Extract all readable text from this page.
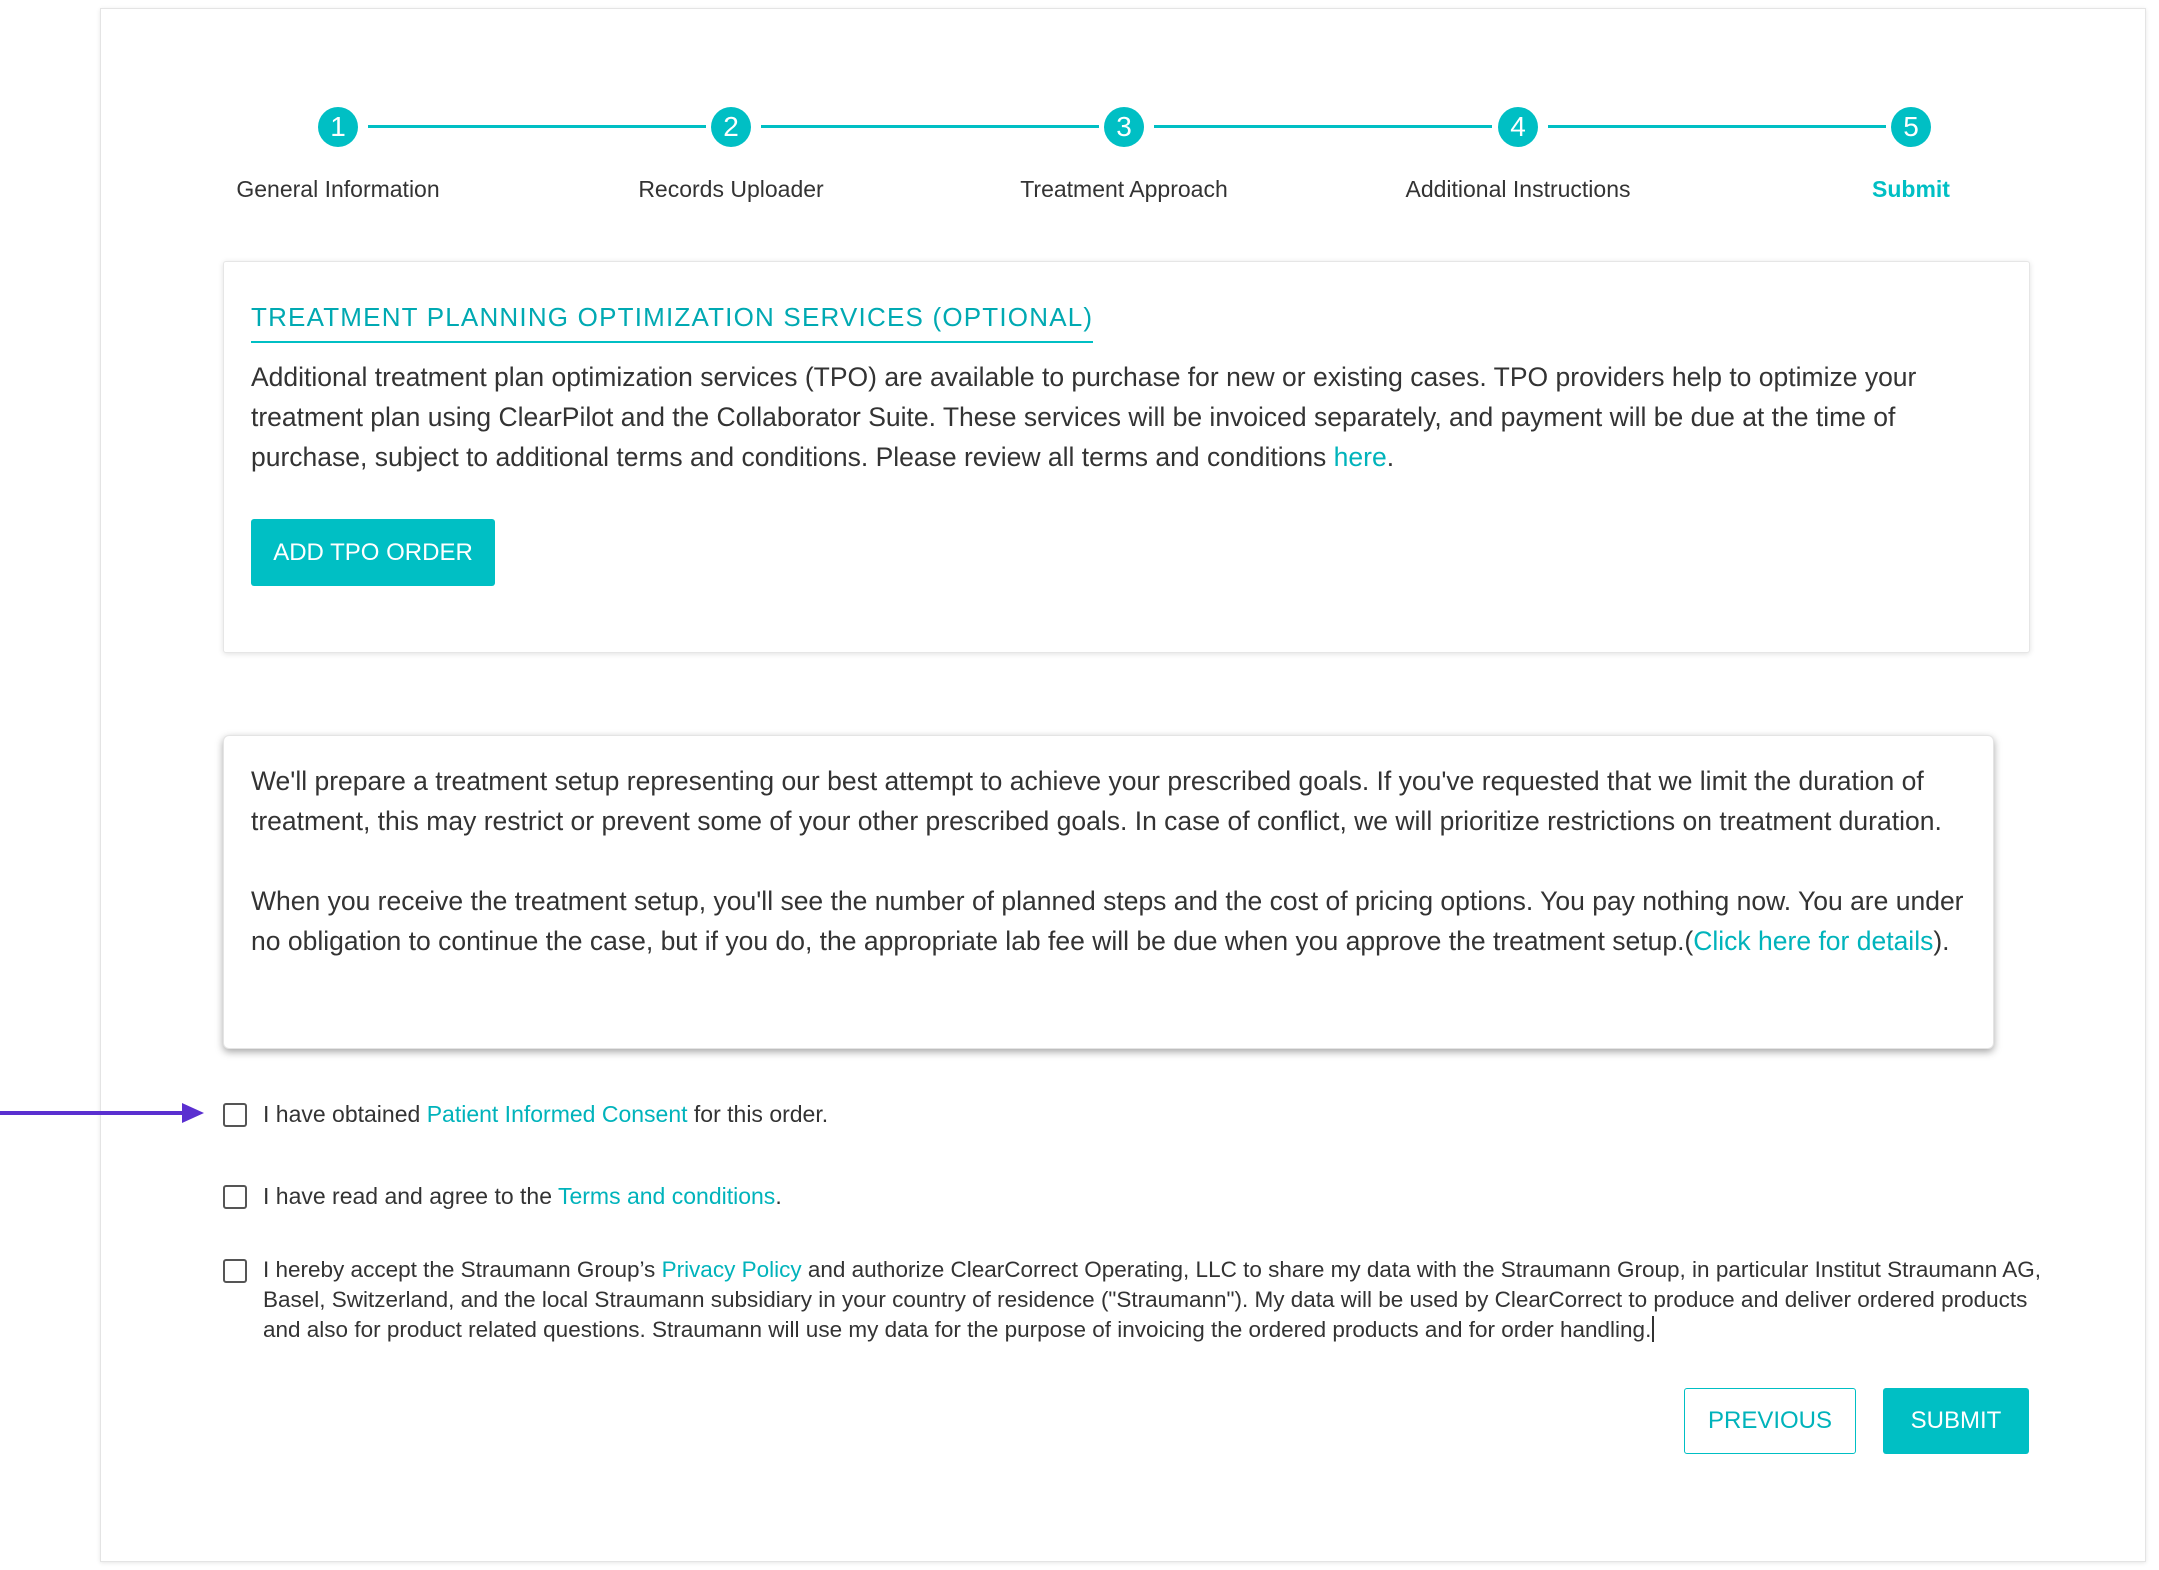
1	2	3	4	5
General Information	Records Uploader	Treatment Approach	Additional Instructions	Submit
TREATMENT PLANNING OPTIMIZATION SERVICES (OPTIONAL)
Additional treatment plan optimization services (TPO) are available to purchase for new or existing cases. TPO providers help to optimize your treatment plan using ClearPilot and the Collaborator Suite. These services will be invoiced separately, and payment will be due at the time of purchase, subject to additional terms and conditions. Please review all terms and conditions here.
ADD TPO ORDER

We'll prepare a treatment setup representing our best attempt to achieve your prescribed goals. If you've requested that we limit the duration of treatment, this may restrict or prevent some of your other prescribed goals. In case of conflict, we will prioritize restrictions on treatment duration.

When you receive the treatment setup, you'll see the number of planned steps and the cost of pricing options. You pay nothing now. You are under no obligation to continue the case, but if you do, the appropriate lab fee will be due when you approve the treatment setup.(Click here for details).

I have obtained Patient Informed Consent for this order.
I have read and agree to the Terms and conditions.
I hereby accept the Straumann Group’s Privacy Policy and authorize ClearCorrect Operating, LLC to share my data with the Straumann Group, in particular Institut Straumann AG, Basel, Switzerland, and the local Straumann subsidiary in your country of residence ("Straumann"). My data will be used by ClearCorrect to produce and deliver ordered products and also for product related questions. Straumann will use my data for the purpose of invoicing the ordered products and for order handling.
PREVIOUS	SUBMIT
